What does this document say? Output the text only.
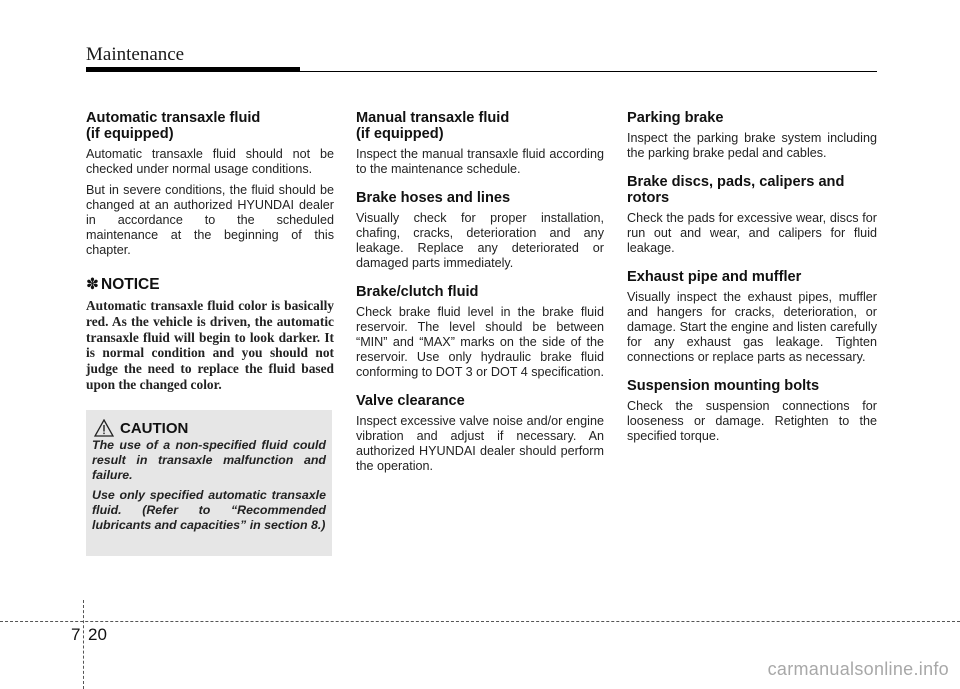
Maintenance
Automatic transaxle fluid
(if equipped)

Automatic transaxle fluid should not be checked under normal usage conditions.

But in severe conditions, the fluid should be changed at an authorized HYUNDAI dealer in accordance to the scheduled maintenance at the beginning of this chapter.

✽ NOTICE

Automatic transaxle fluid color is basically red. As the vehicle is driven, the automatic transaxle fluid will begin to look darker. It is normal condition and you should not judge the need to replace the fluid based upon the changed color.

CAUTION

The use of a non-specified fluid could result in transaxle malfunction and failure.

Use only specified automatic transaxle fluid. (Refer to “Recommended lubricants and capacities” in section 8.)

Manual transaxle fluid
(if equipped)

Inspect the manual transaxle fluid according to the maintenance schedule.

Brake hoses and lines

Visually check for proper installation, chafing, cracks, deterioration and any leakage. Replace any deteriorated or damaged parts immediately.

Brake/clutch fluid

Check brake fluid level in the brake fluid reservoir. The level should be between “MIN” and “MAX” marks on the side of the reservoir. Use only hydraulic brake fluid conforming to DOT 3 or DOT 4 specification.

Valve clearance

Inspect excessive valve noise and/or engine vibration and adjust if necessary. An authorized HYUNDAI dealer should perform the operation.

Parking brake

Inspect the parking brake system including the parking brake pedal and cables.

Brake discs, pads, calipers and rotors

Check the pads for excessive wear, discs for run out and wear, and calipers for fluid leakage.

Exhaust pipe and muffler

Visually inspect the exhaust pipes, muffler and hangers for cracks, deterioration, or damage. Start the engine and listen carefully for any exhaust gas leakage. Tighten connections or replace parts as necessary.

Suspension mounting bolts

Check the suspension connections for looseness or damage. Retighten to the specified torque.

7 20
carmanualsonline.info
